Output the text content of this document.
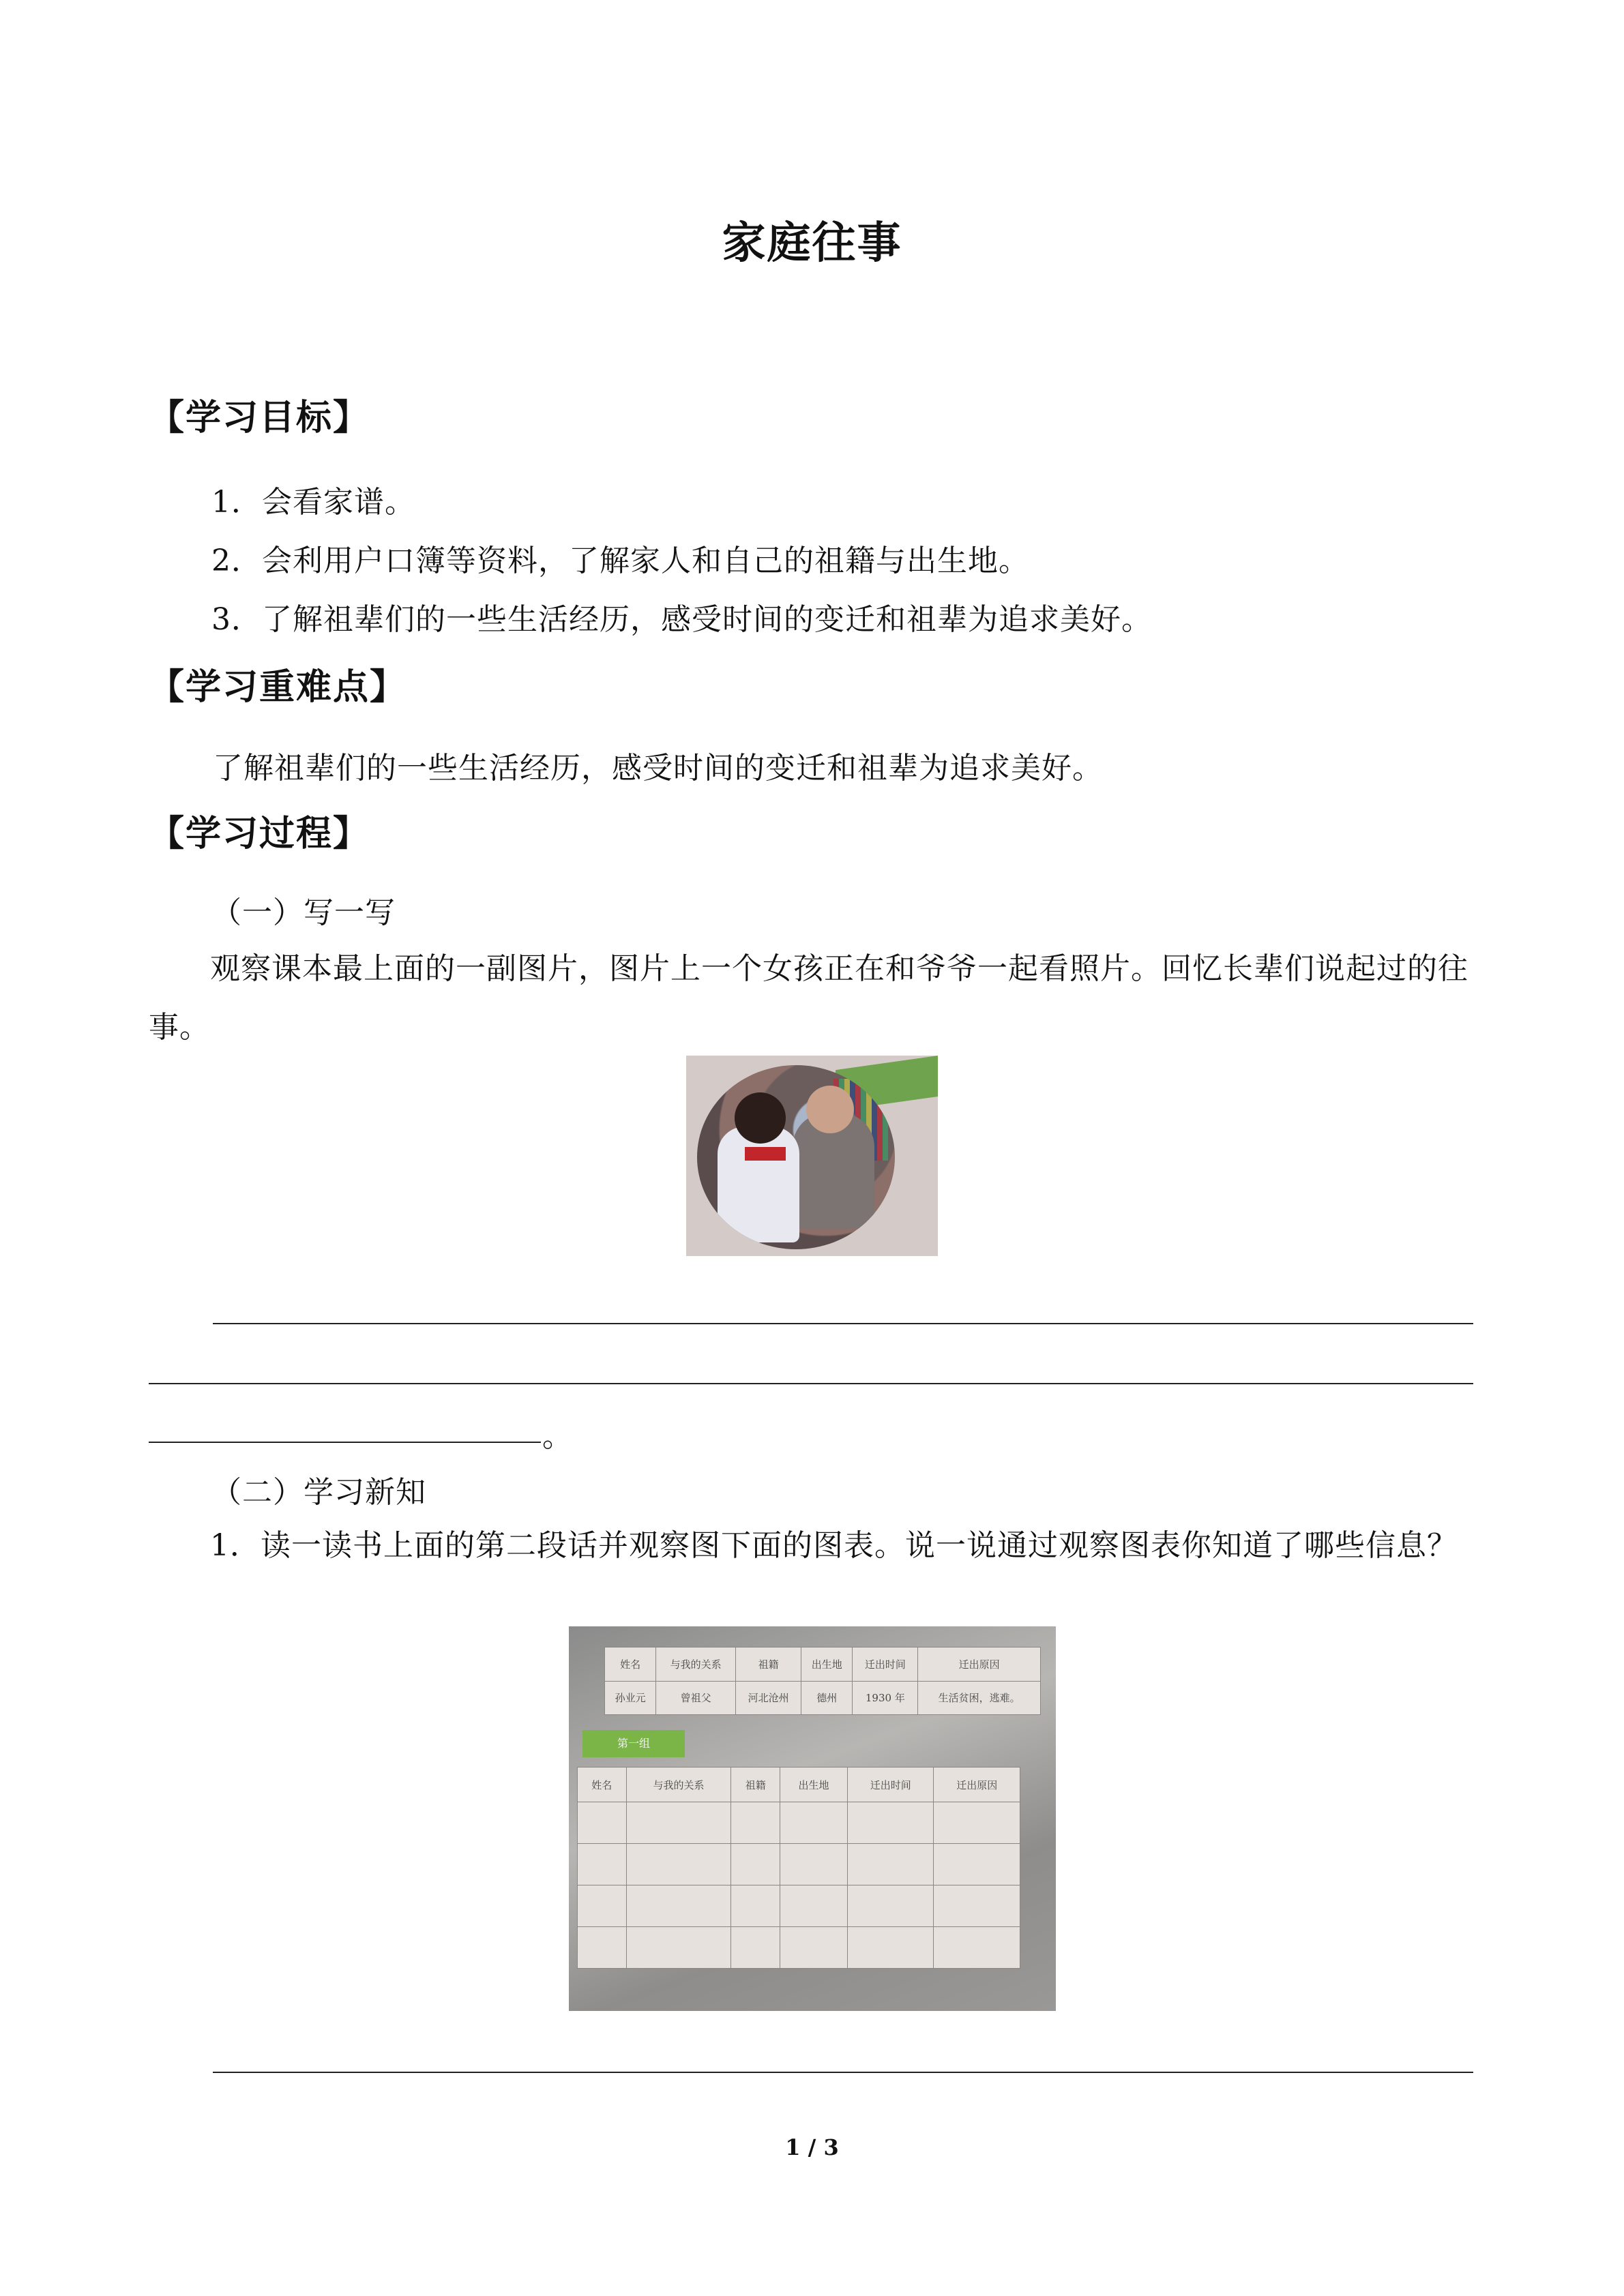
家庭往事
【学习目标】
1．会看家谱。
2．会利用户口簿等资料，了解家人和自己的祖籍与出生地。
3．了解祖辈们的一些生活经历，感受时间的变迁和祖辈为追求美好。
【学习重难点】
了解祖辈们的一些生活经历，感受时间的变迁和祖辈为追求美好。
【学习过程】
（一）写一写
观察课本最上面的一副图片，图片上一个女孩正在和爷爷一起看照片。回忆长辈们说起过的往事。
。
（二）学习新知
1．读一读书上面的第二段话并观察图下面的图表。说一说通过观察图表你知道了哪些信息？
姓名	与我的关系	祖籍	出生地	迁出时间	迁出原因
孙业元	曾祖父	河北沧州	德州	1930 年	生活贫困，逃难。
第一组
姓名	与我的关系	祖籍	出生地	迁出时间	迁出原因

1 / 3
